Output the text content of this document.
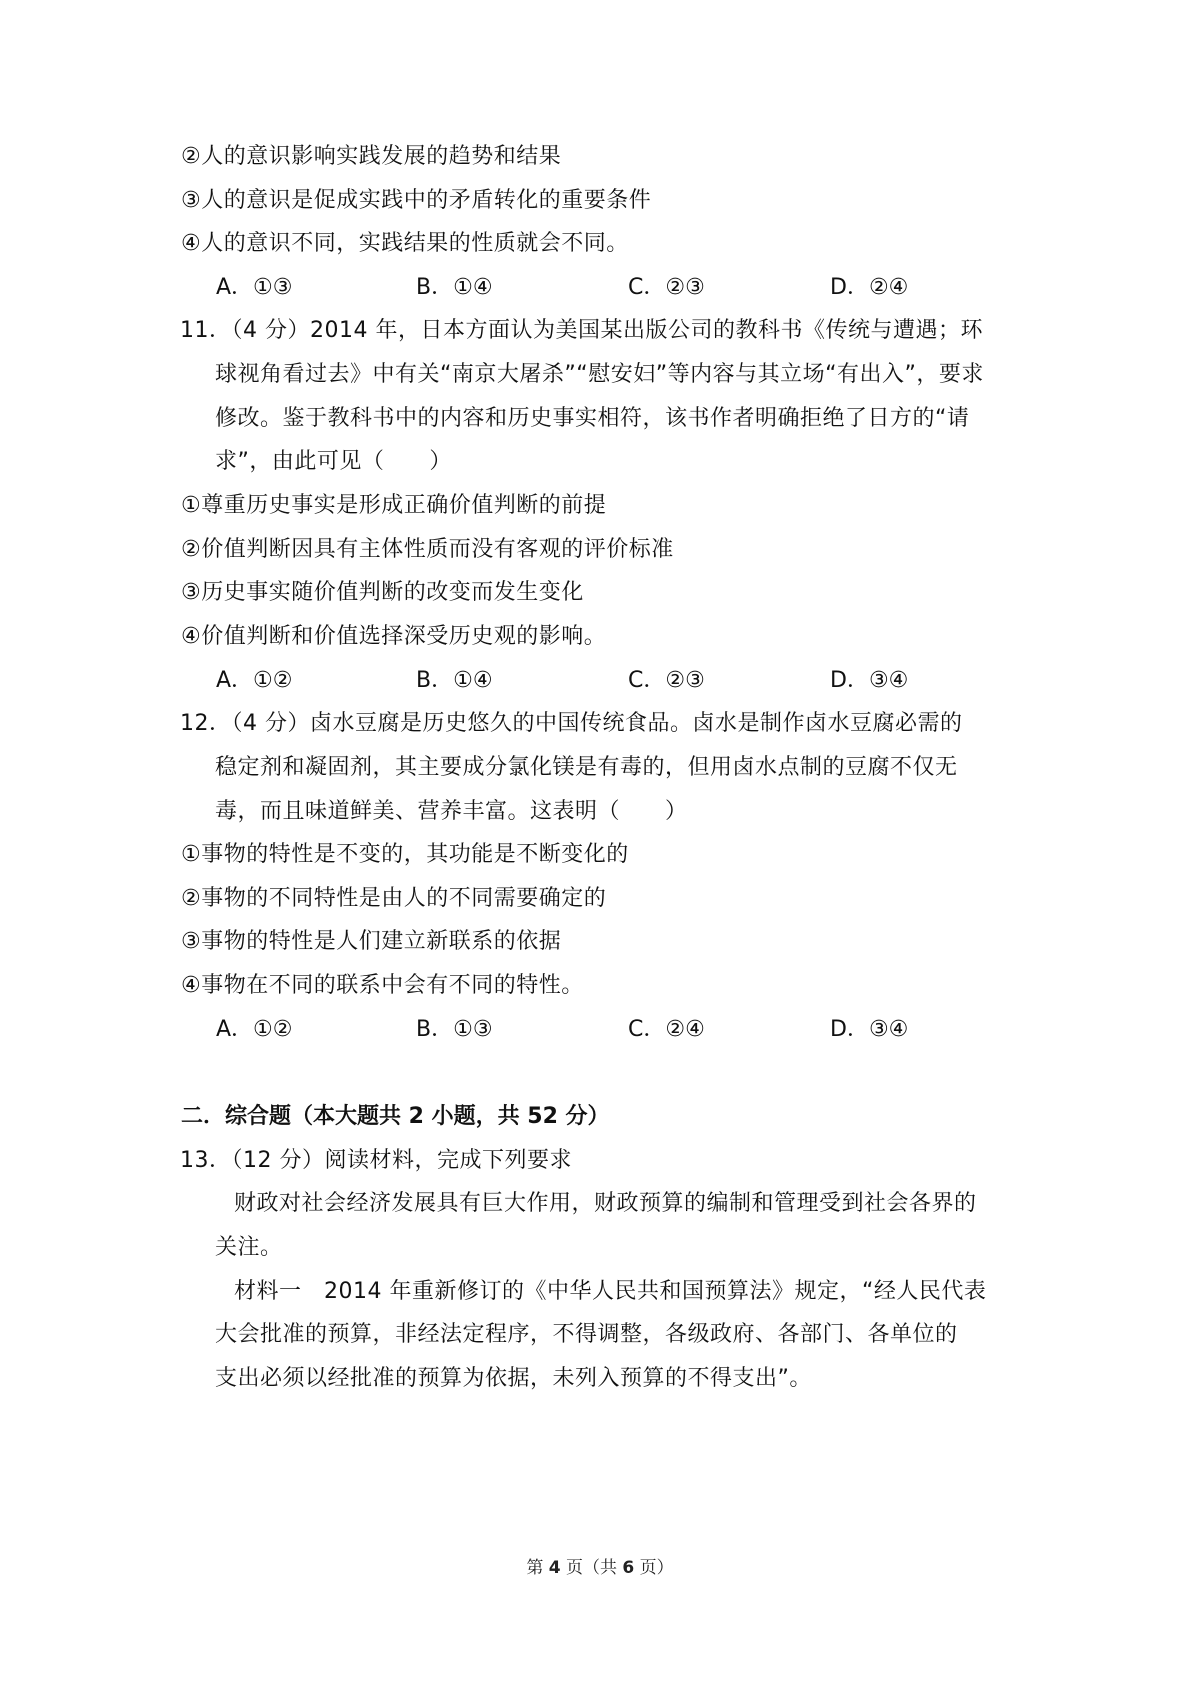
②人的意识影响实践发展的趋势和结果
③人的意识是促成实践中的矛盾转化的重要条件
④人的意识不同，实践结果的性质就会不同。
A．①③	B．①④	C．②③	D．②④
11．（4 分）2014 年，日本方面认为美国某出版公司的教科书《传统与遭遇；环
球视角看过去》中有关“南京大屠杀”“慰安妇”等内容与其立场“有出入”，要求
修改。鉴于教科书中的内容和历史事实相符，该书作者明确拒绝了日方的“请
求”，由此可见（　　）
①尊重历史事实是形成正确价值判断的前提
②价值判断因具有主体性质而没有客观的评价标准
③历史事实随价值判断的改变而发生变化
④价值判断和价值选择深受历史观的影响。
A．①②	B．①④	C．②③	D．③④
12．（4 分）卤水豆腐是历史悠久的中国传统食品。卤水是制作卤水豆腐必需的
稳定剂和凝固剂，其主要成分氯化镁是有毒的，但用卤水点制的豆腐不仅无
毒，而且味道鲜美、营养丰富。这表明（　　）
①事物的特性是不变的，其功能是不断变化的
②事物的不同特性是由人的不同需要确定的
③事物的特性是人们建立新联系的依据
④事物在不同的联系中会有不同的特性。
A．①②	B．①③	C．②④	D．③④
二．综合题（本大题共 2 小题，共 52 分）
13．（12 分）阅读材料，完成下列要求
财政对社会经济发展具有巨大作用，财政预算的编制和管理受到社会各界的
关注。
材料一　2014 年重新修订的《中华人民共和国预算法》规定，“经人民代表
大会批准的预算，非经法定程序，不得调整，各级政府、各部门、各单位的
支出必须以经批准的预算为依据，未列入预算的不得支出”。
第 4 页（共 6 页）
